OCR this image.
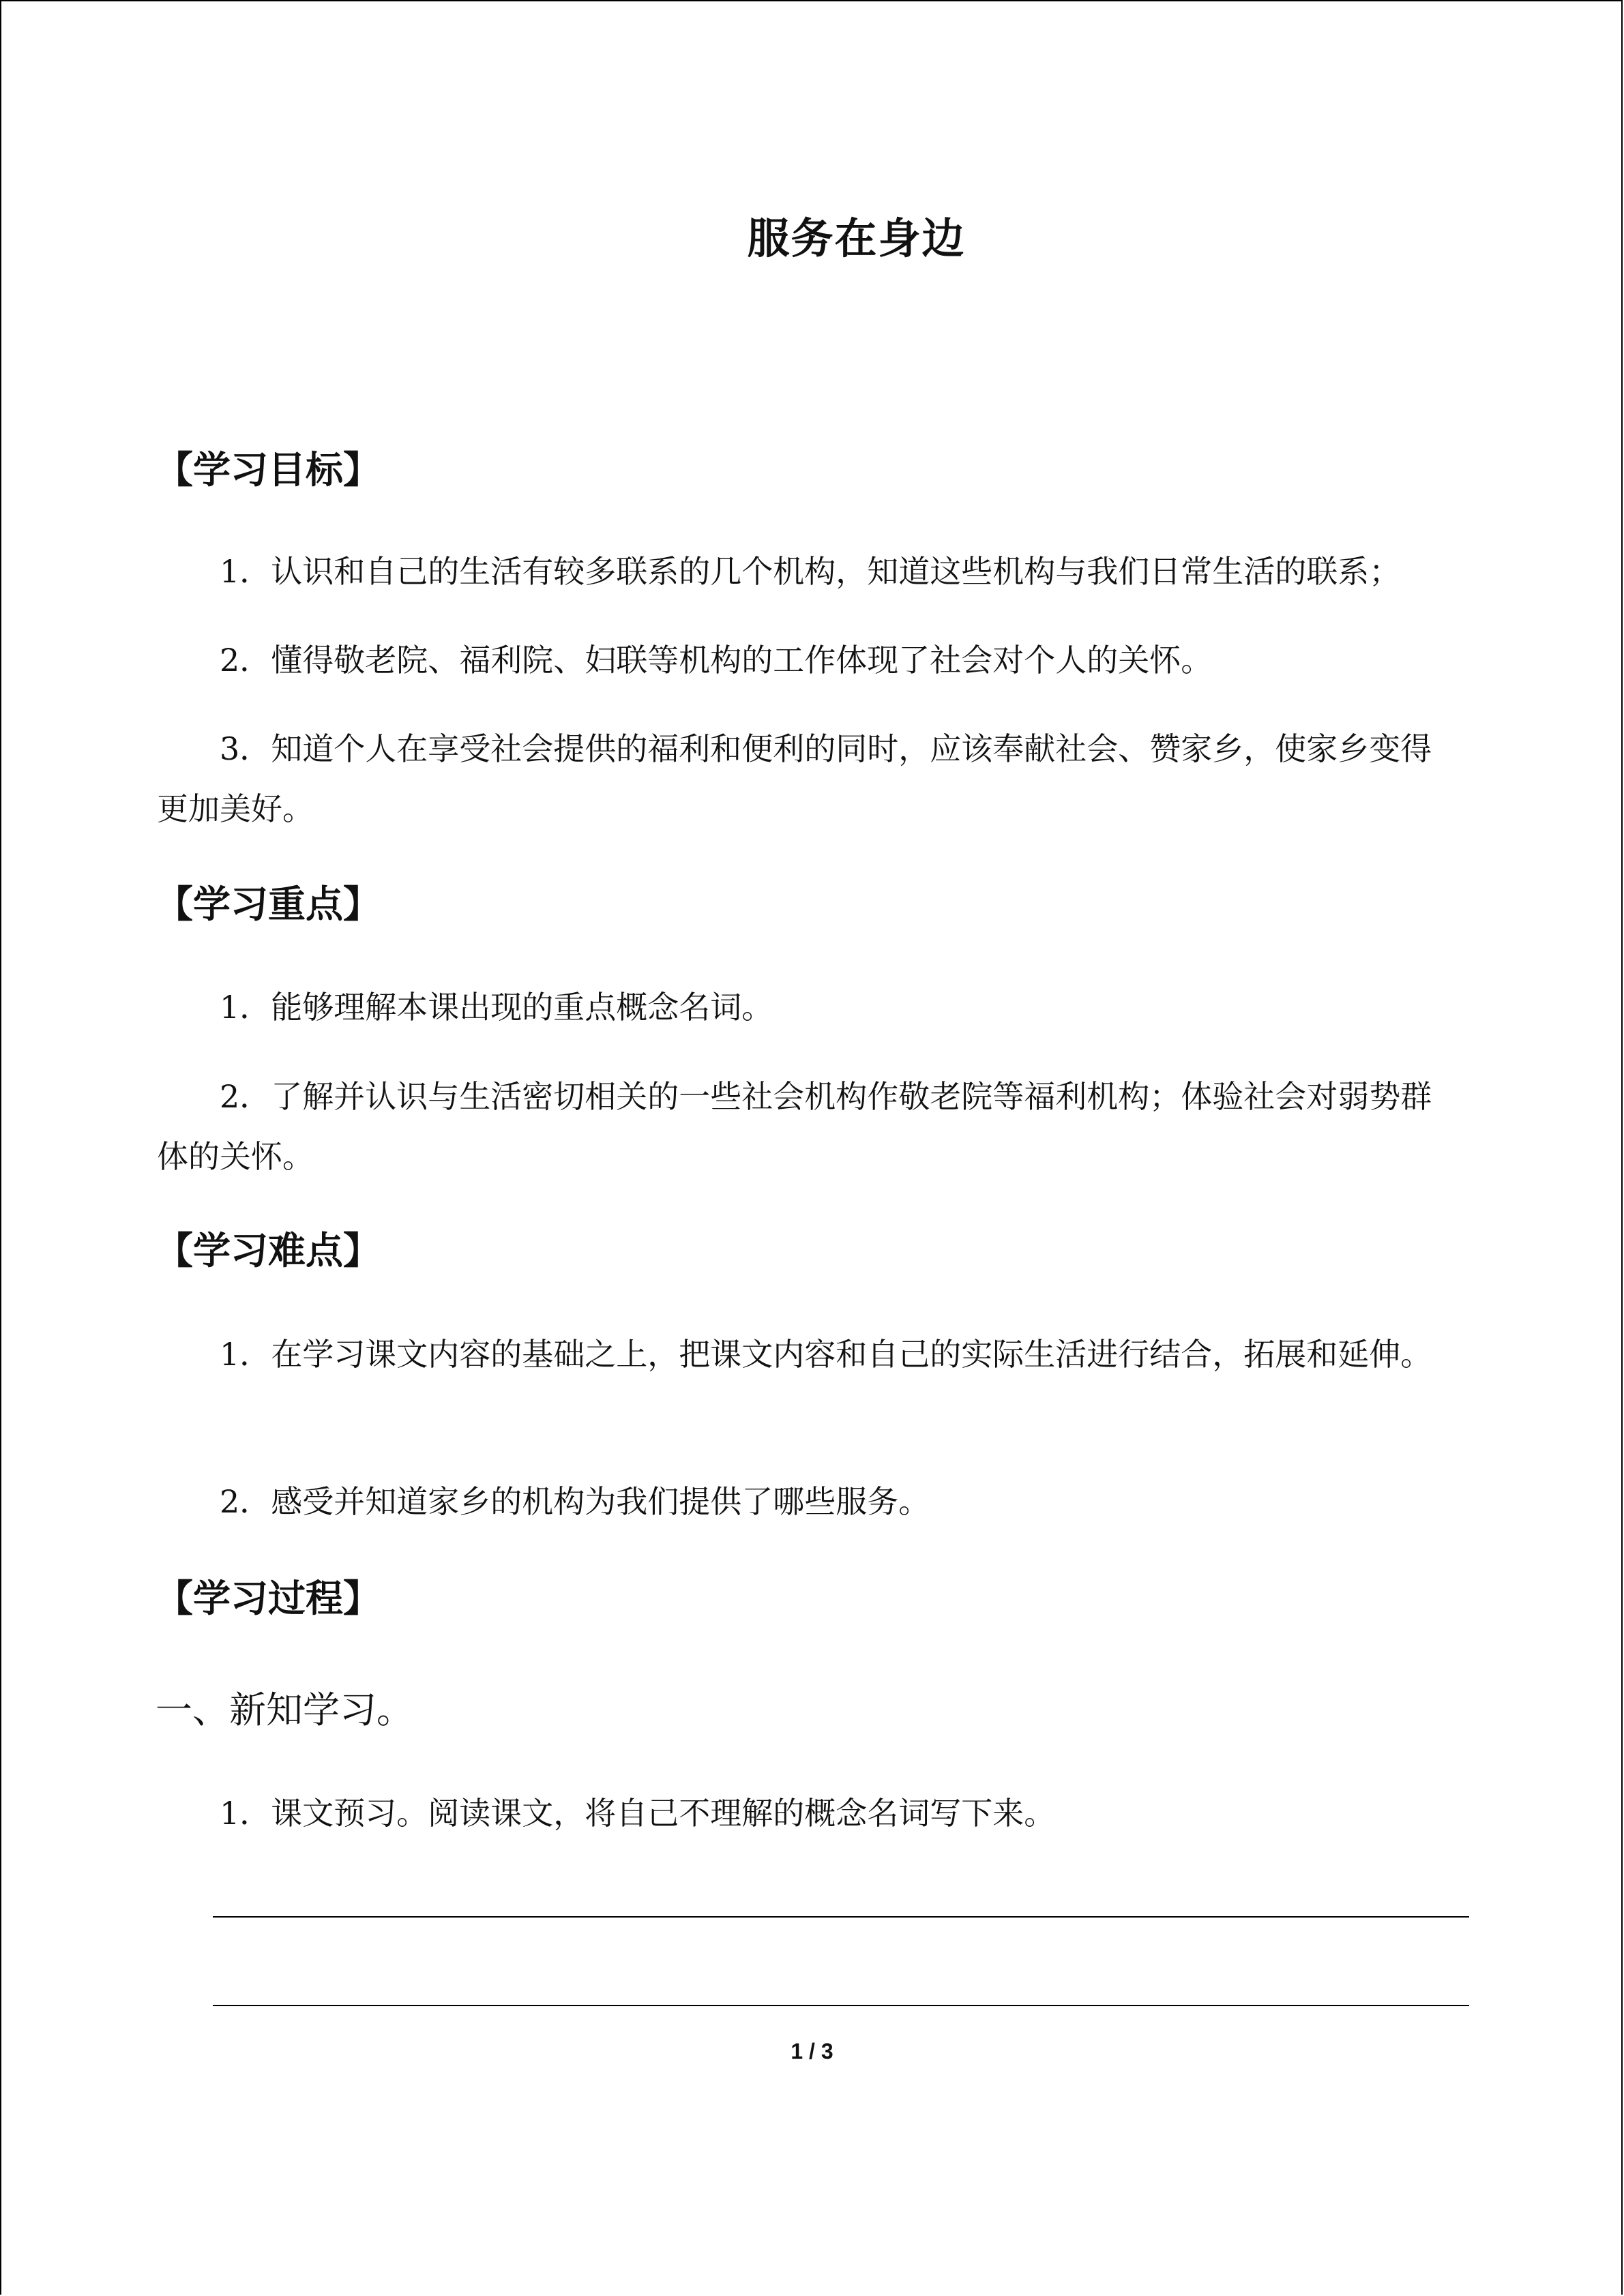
服务在身边
【学习目标】
1．认识和自己的生活有较多联系的几个机构，知道这些机构与我们日常生活的联系；
2．懂得敬老院、福利院、妇联等机构的工作体现了社会对个人的关怀。
3．知道个人在享受社会提供的福利和便利的同时，应该奉献社会、赞家乡，使家乡变得更加美好。
【学习重点】
1．能够理解本课出现的重点概念名词。
2．了解并认识与生活密切相关的一些社会机构作敬老院等福利机构；体验社会对弱势群体的关怀。
【学习难点】
1．在学习课文内容的基础之上，把课文内容和自己的实际生活进行结合，拓展和延伸。
2．感受并知道家乡的机构为我们提供了哪些服务。
【学习过程】
一、新知学习。
1．课文预习。阅读课文，将自己不理解的概念名词写下来。
1 / 3
